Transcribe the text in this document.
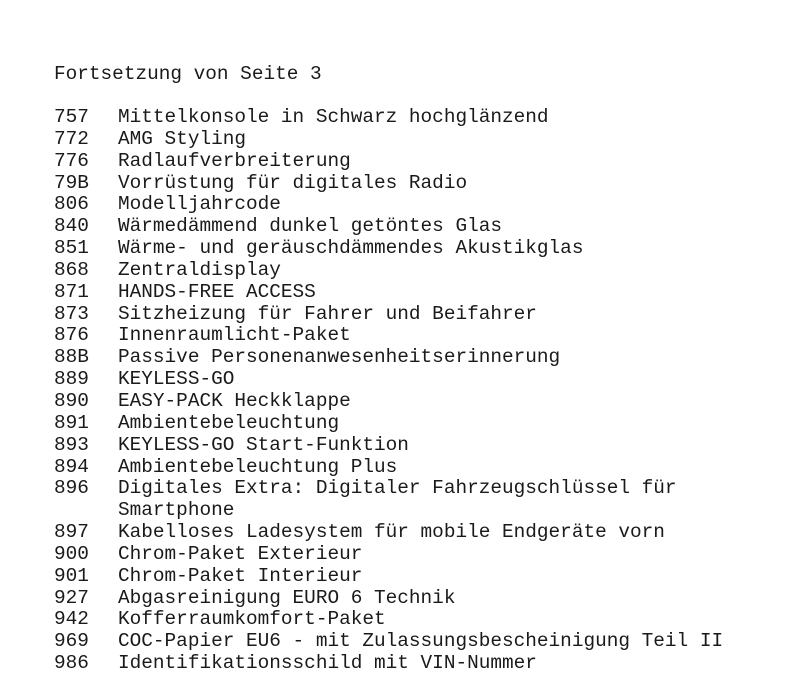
Fortsetzung von Seite 3
757	Mittelkonsole in Schwarz hochglänzend
772	AMG Styling
776	Radlaufverbreiterung
79B	Vorrüstung für digitales Radio
806	Modelljahrcode
840	Wärmedämmend dunkel getöntes Glas
851	Wärme- und geräuschdämmendes Akustikglas
868	Zentraldisplay
871	HANDS-FREE ACCESS
873	Sitzheizung für Fahrer und Beifahrer
876	Innenraumlicht-Paket
88B	Passive Personenanwesenheitserinnerung
889	KEYLESS-GO
890	EASY-PACK Heckklappe
891	Ambientebeleuchtung
893	KEYLESS-GO Start-Funktion
894	Ambientebeleuchtung Plus
896	Digitales Extra: Digitaler Fahrzeugschlüssel für
Smartphone
897	Kabelloses Ladesystem für mobile Endgeräte vorn
900	Chrom-Paket Exterieur
901	Chrom-Paket Interieur
927	Abgasreinigung EURO 6 Technik
942	Kofferraumkomfort-Paket
969	COC-Papier EU6 - mit Zulassungsbescheinigung Teil II
986	Identifikationsschild mit VIN-Nummer
